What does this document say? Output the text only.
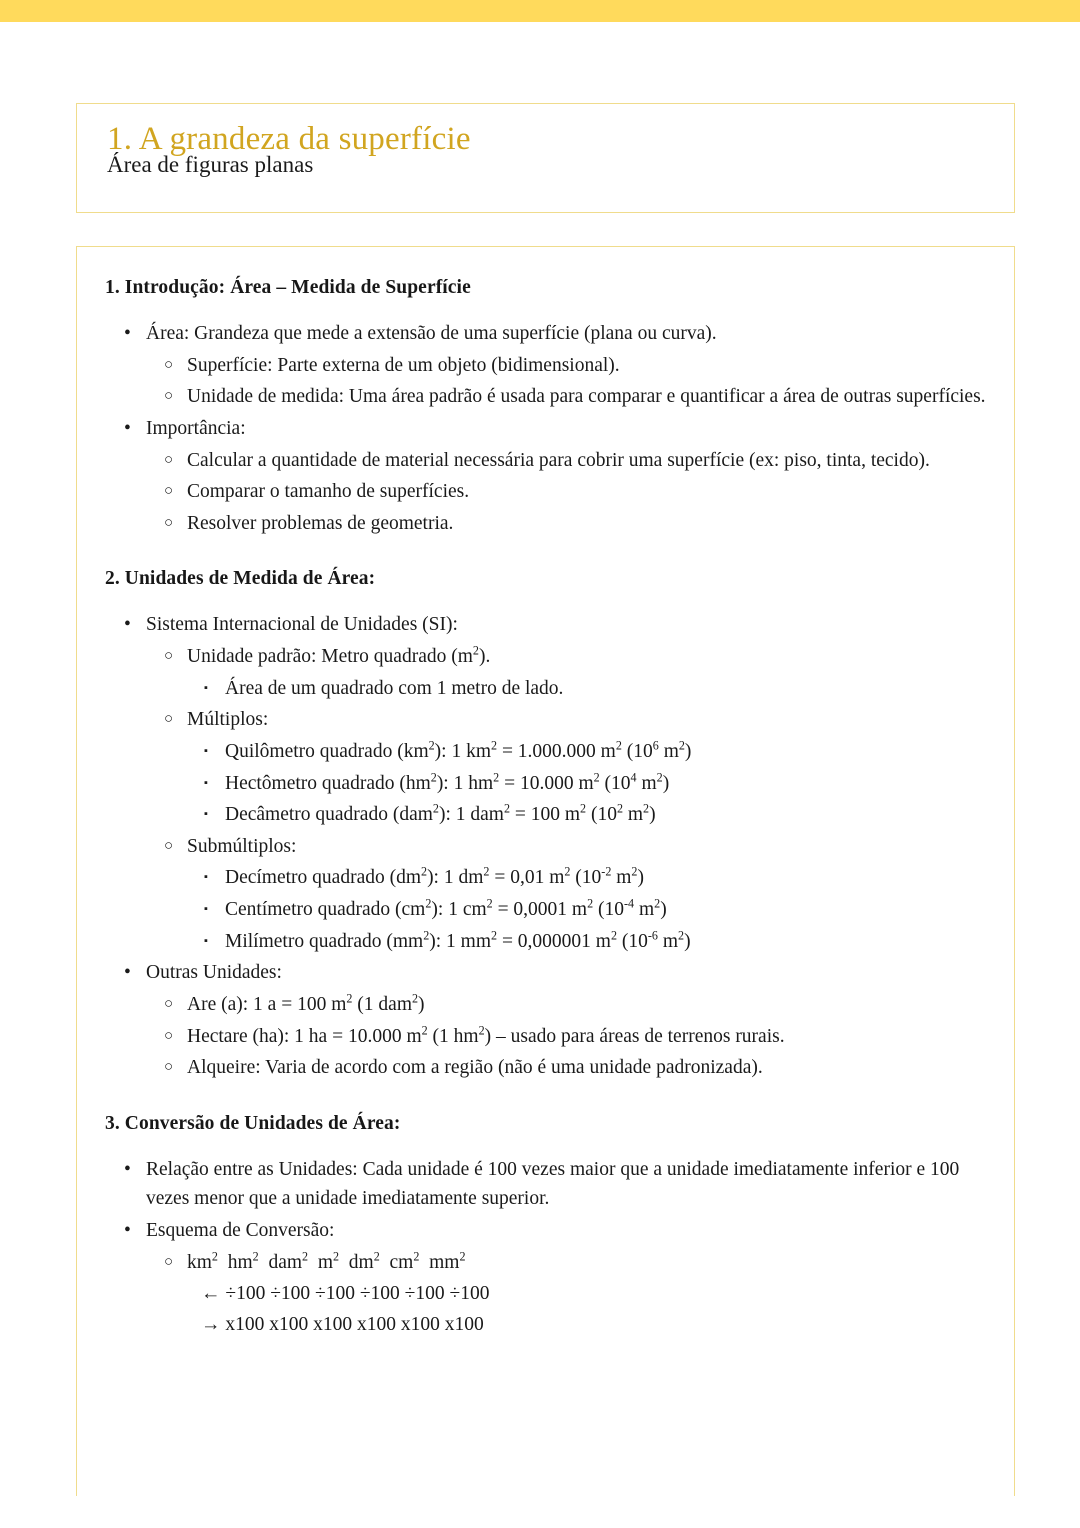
1. A grandeza da superfície
Área de figuras planas
1. Introdução: Área – Medida de Superfície
• Área: Grandeza que mede a extensão de uma superfície (plana ou curva).
○ Superfície: Parte externa de um objeto (bidimensional).
○ Unidade de medida: Uma área padrão é usada para comparar e quantificar a área de outras superfícies.
• Importância:
○ Calcular a quantidade de material necessária para cobrir uma superfície (ex: piso, tinta, tecido).
○ Comparar o tamanho de superfícies.
○ Resolver problemas de geometria.
2. Unidades de Medida de Área:
• Sistema Internacional de Unidades (SI):
○ Unidade padrão: Metro quadrado $(m^2)$.
▪ Área de um quadrado com 1 metro de lado.
○ Múltiplos:
▪ Quilômetro quadrado $(km^2)$: 1 $km^2 = 1.000.000$ $m^2$ ($10^6$ $m^2$)
▪ Hectômetro quadrado $(hm^2)$: 1 $hm^2 = 10.000$ $m^2$ ($10^4$ $m^2$)
▪ Decâmetro quadrado (dam$^2$): 1 dam$^2$ = 100 $m^2$ ($10^2$ $m^2$)
○ Submúltiplos:
▪ Decímetro quadrado $(dm^2)$: 1 $dm^2 = 0,01$ $m^2$ ($10^{-2}$ $m^2$)
▪ Centímetro quadrado $(cm^2)$: 1 $cm^2 = 0,0001$ $m^2$ ($10^{-4}$ $m^2$)
▪ Milímetro quadrado $(mm^2)$: 1 $mm^2 = 0,000001$ $m^2$ ($10^{-6}$ $m^2$)
• Outras Unidades:
○ Are (a): 1 a = 100 $m^2$ (1 dam$^2$)
○ Hectare (ha): 1 ha = 10.000 $m^2$ (1 $hm^2$) – usado para áreas de terrenos rurais.
○ Alqueire: Varia de acordo com a região (não é uma unidade padronizada).
3. Conversão de Unidades de Área:
• Relação entre as Unidades: Cada unidade é 100 vezes maior que a unidade imediatamente inferior e 100 vezes menor que a unidade imediatamente superior.
• Esquema de Conversão:
○ $km^2$  $hm^2$  dam$^2$  $m^2$  $dm^2$  $cm^2$  $mm^2$
← ÷100 ÷100 ÷100 ÷100 ÷100 ÷100
→ x100 x100 x100 x100 x100 x100
